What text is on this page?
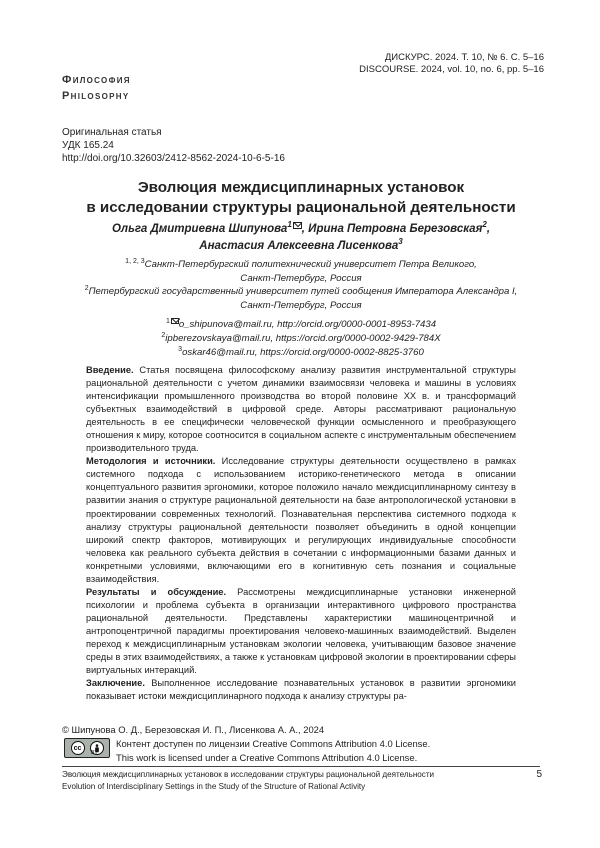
ДИСКУРС. 2024. Т. 10, № 6. С. 5–16
DISCOURSE. 2024, vol. 10, no. 6, pp. 5–16
Философия
Philosophy
Оригинальная статья
УДК 165.24
http://doi.org/10.32603/2412-8562-2024-10-6-5-16
Эволюция междисциплинарных установок
в исследовании структуры рациональной деятельности
Ольга Дмитриевна Шипунова$^1$ , Ирина Петровна Березовская$^2$,
Анастасия Алексеевна Лисенкова$^3$
$^{1, 2, 3}$Санкт-Петербургский политехнический университет Петра Великого,
Санкт-Петербург, Россия
$^2$Петербургский государственный университет путей сообщения Императора Александра I,
Санкт-Петербург, Россия
$^1$ o_shipunova@mail.ru, http://orcid.org/0000-0001-8953-7434
$^2$ipberezovskaya@mail.ru, https://orcid.org/0000-0002-9429-784X
$^3$oskar46@mail.ru, https://orcid.org/0000-0002-8825-3760

Введение. Статья посвящена философскому анализу развития инструментальной структуры рациональной деятельности с учетом динамики взаимосвязи человека и машины в условиях интенсификации промышленного производства во второй половине XX в. и трансформаций субъектных взаимодействий в цифровой среде. Авторы рассматривают рациональную деятельность в ее специфически человеческой функции осмысленного и преобразующего отношения к миру, которое соотносится в социальном аспекте с инструментальным обеспечением производительного труда.

Методология и источники. Исследование структуры деятельности осуществлено в рамках системного подхода с использованием историко-генетического метода в описании концептуального развития эргономики, которое положило начало междисциплинарному синтезу в развитии знания о структуре рациональной деятельности на базе антропологической установки в проектировании современных технологий. Познавательная перспектива системного подхода к анализу структуры рациональной деятельности позволяет объединить в одной концепции широкий спектр факторов, мотивирующих и регулирующих индивидуальные способности человека как реального субъекта действия в сочетании с информационными базами данных и конкретными условиями, включающими его в когнитивную сеть познания и социальные взаимодействия.

Результаты и обсуждение. Рассмотрены междисциплинарные установки инженерной психологии и проблема субъекта в организации интерактивного цифрового пространства рациональной деятельности. Представлены характеристики машиноцентричной и антропоцентричной парадигмы проектирования человеко-машинных взаимодействий. Выделен переход к междисциплинарным установкам экологии человека, учитывающим базовое значение среды в этих взаимодействиях, а также к установкам цифровой экологии в проектировании сферы виртуальных интеракций.

Заключение. Выполненное исследование познавательных установок в развитии эргономики показывает истоки междисциплинарного подхода к анализу структуры ра-

© Шипунова О. Д., Березовская И. П., Лисенкова А. А., 2024
cc
BY
Контент доступен по лицензии Creative Commons Attribution 4.0 License.
This work is licensed under a Creative Commons Attribution 4.0 License.
Эволюция междисциплинарных установок в исследовании структуры рациональной деятельности
Evolution of Interdisciplinary Settings in the Study of the Structure of Rational Activity
5
